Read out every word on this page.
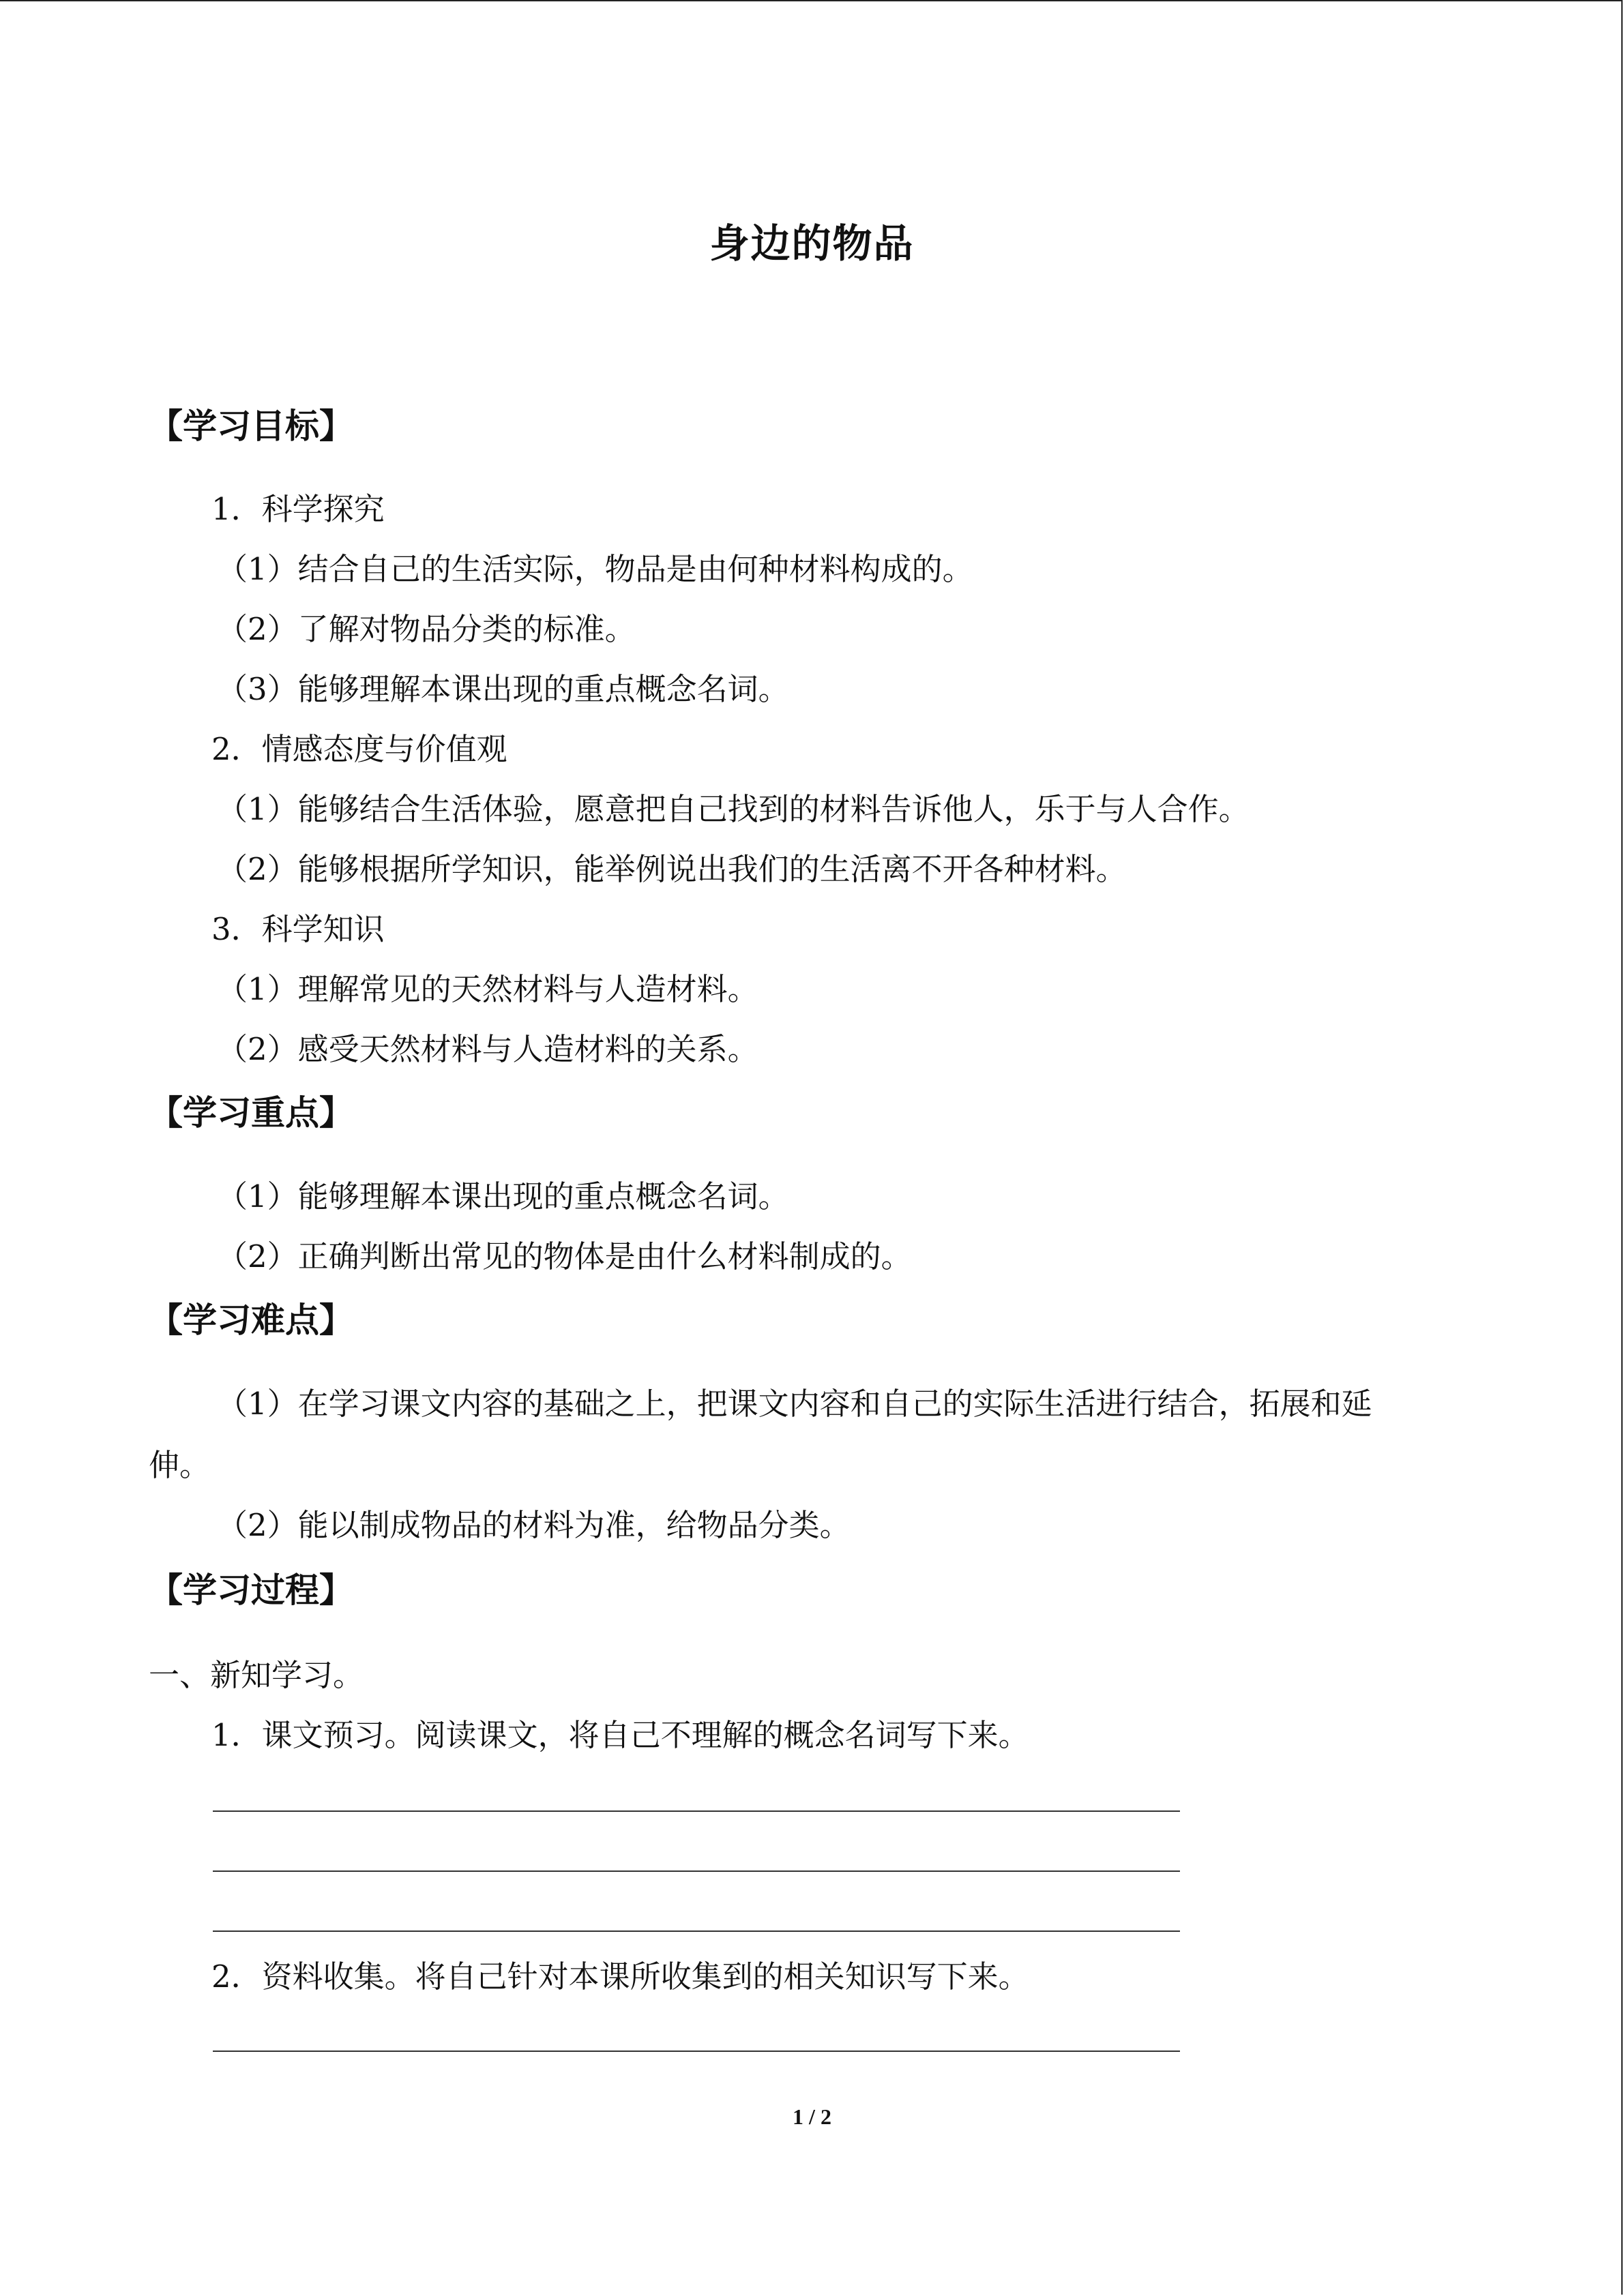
身边的物品
【学习目标】
1．科学探究
（1）结合自己的生活实际，物品是由何种材料构成的。
（2）了解对物品分类的标准。
（3）能够理解本课出现的重点概念名词。
2．情感态度与价值观
（1）能够结合生活体验，愿意把自己找到的材料告诉他人，乐于与人合作。
（2）能够根据所学知识，能举例说出我们的生活离不开各种材料。
3．科学知识
（1）理解常见的天然材料与人造材料。
（2）感受天然材料与人造材料的关系。
【学习重点】
（1）能够理解本课出现的重点概念名词。
（2）正确判断出常见的物体是由什么材料制成的。
【学习难点】
（1）在学习课文内容的基础之上，把课文内容和自己的实际生活进行结合，拓展和延
伸。
（2）能以制成物品的材料为准，给物品分类。
【学习过程】
一、新知学习。
1．课文预习。阅读课文，将自己不理解的概念名词写下来。
2．资料收集。将自己针对本课所收集到的相关知识写下来。
1 / 2
